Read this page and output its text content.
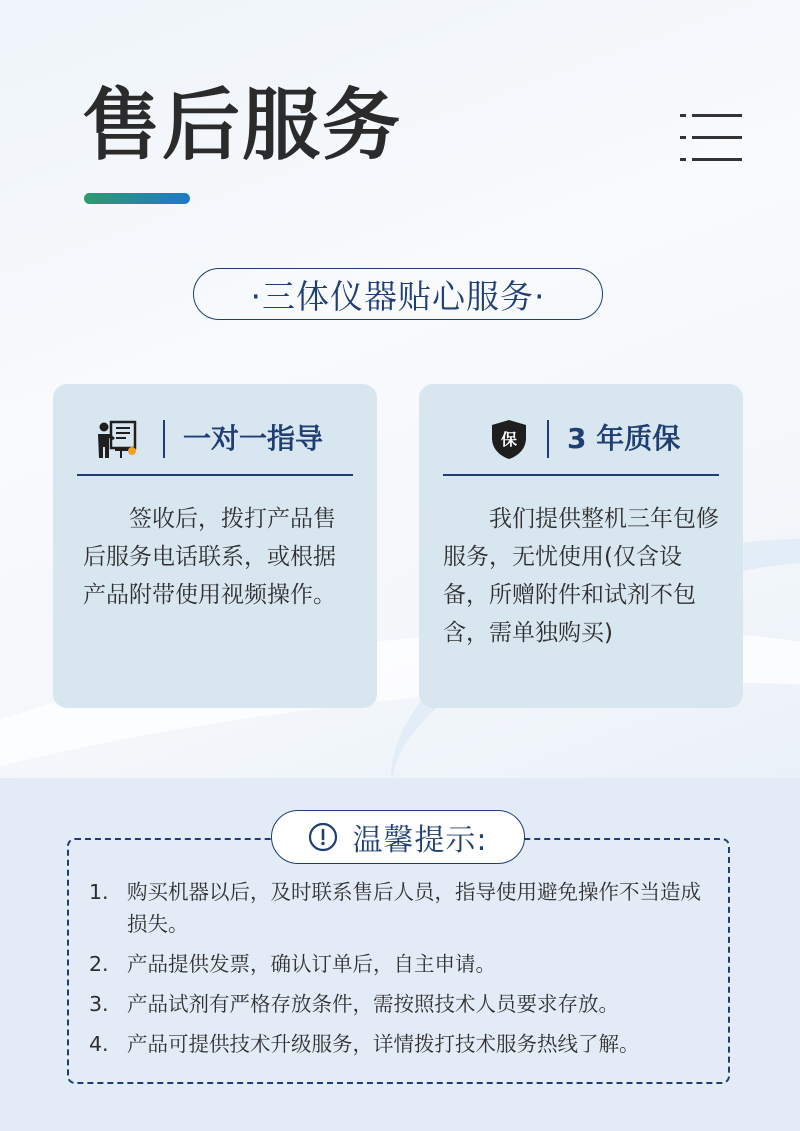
售后服务
·三体仪器贴心服务·
一对一指导
签收后，拨打产品售后服务电话联系，或根据产品附带使用视频操作。
保 3 年质保
我们提供整机三年包修服务，无忧使用(仅含设备，所赠附件和试剂不包含，需单独购买)
1. 购买机器以后，及时联系售后人员，指导使用避免操作不当造成损失。
2. 产品提供发票，确认订单后，自主申请。
3. 产品试剂有严格存放条件，需按照技术人员要求存放。
4. 产品可提供技术升级服务，详情拨打技术服务热线了解。
温馨提示:
